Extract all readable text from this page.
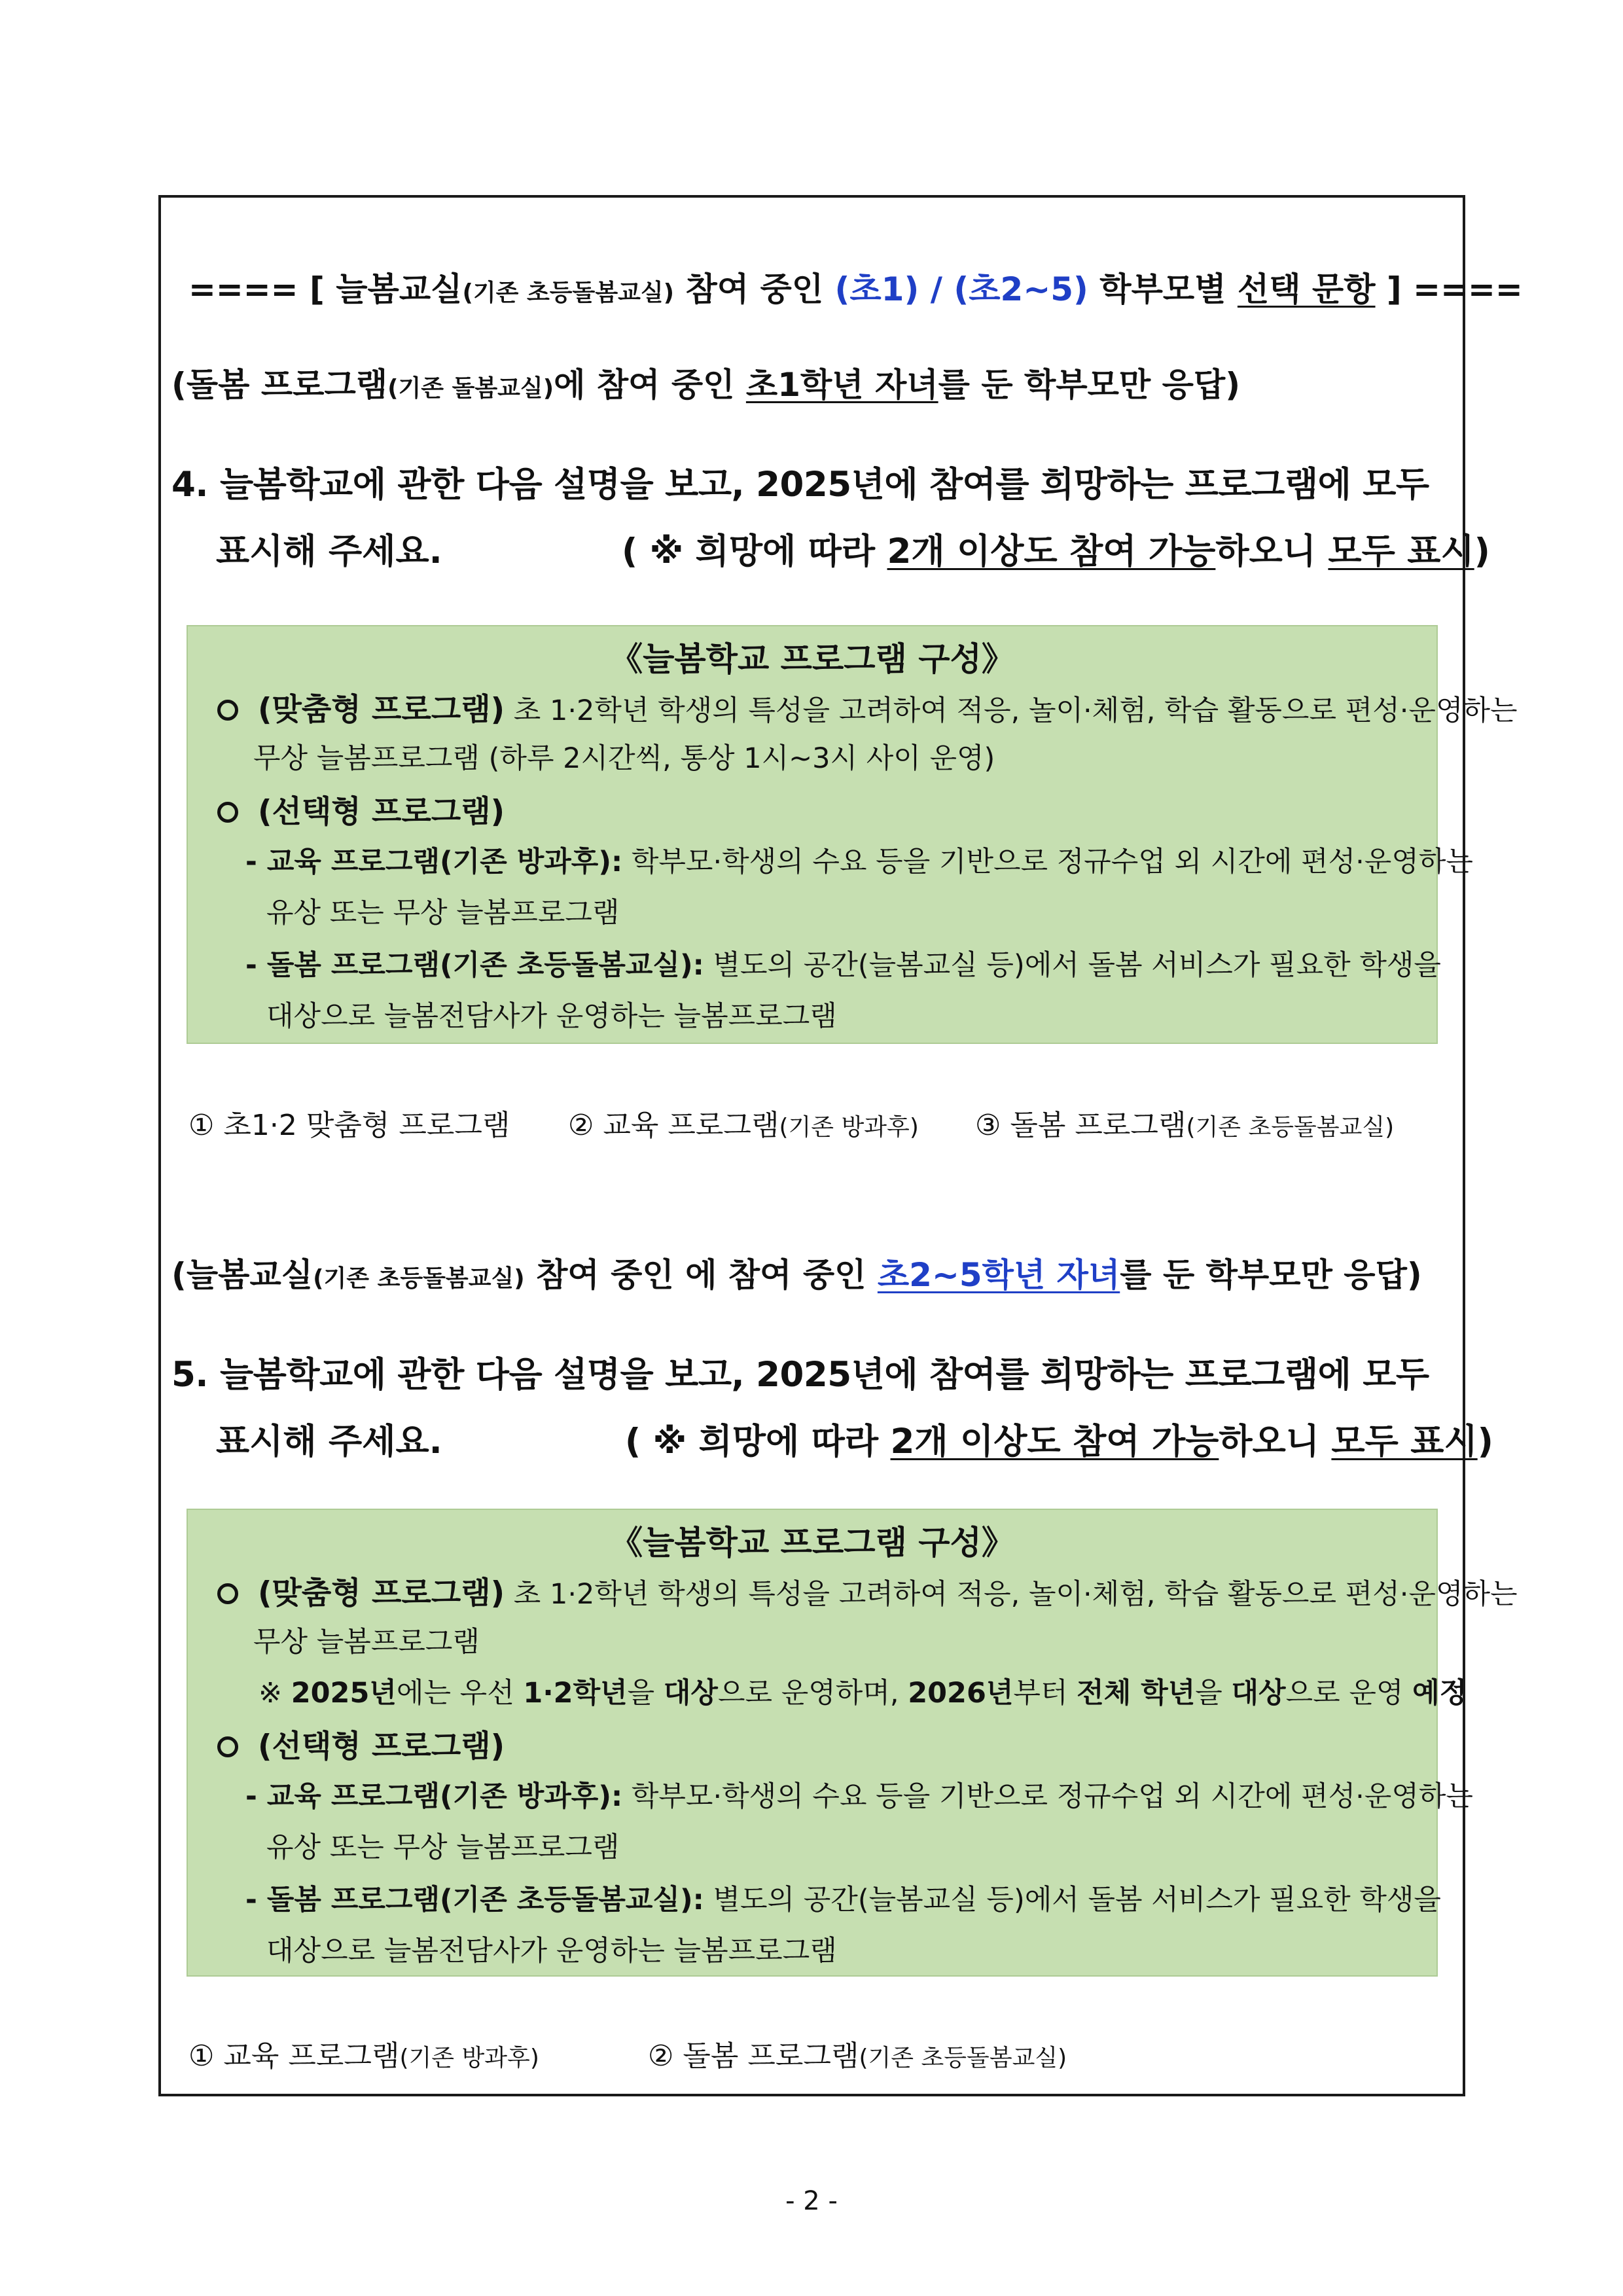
==== [ 늘봄교실(기존 초등돌봄교실) 참여 중인 (초1) / (초2~5) 학부모별 선택 문항 ] ====
(돌봄 프로그램(기존 돌봄교실)에 참여 중인 초1학년 자녀를 둔 학부모만 응답)
4. 늘봄학교에 관한 다음 설명을 보고, 2025년에 참여를 희망하는 프로그램에 모두
표시해 주세요.	( ※ 희망에 따라 2개 이상도 참여 가능하오니 모두 표시)
《늘봄학교 프로그램 구성》
(맞춤형 프로그램) 초 1·2학년 학생의 특성을 고려하여 적응, 놀이·체험, 학습 활동으로 편성·운영하는
무상 늘봄프로그램 (하루 2시간씩, 통상 1시~3시 사이 운영)
(선택형 프로그램)
- 교육 프로그램(기존 방과후): 학부모·학생의 수요 등을 기반으로 정규수업 외 시간에 편성·운영하는
유상 또는 무상 늘봄프로그램
- 돌봄 프로그램(기존 초등돌봄교실): 별도의 공간(늘봄교실 등)에서 돌봄 서비스가 필요한 학생을
대상으로 늘봄전담사가 운영하는 늘봄프로그램
① 초1·2 맞춤형 프로그램 ② 교육 프로그램(기존 방과후) ③ 돌봄 프로그램(기존 초등돌봄교실)
(늘봄교실(기존 초등돌봄교실) 참여 중인 에 참여 중인 초2~5학년 자녀를 둔 학부모만 응답)
5. 늘봄학교에 관한 다음 설명을 보고, 2025년에 참여를 희망하는 프로그램에 모두
표시해 주세요.	( ※ 희망에 따라 2개 이상도 참여 가능하오니 모두 표시)
《늘봄학교 프로그램 구성》
(맞춤형 프로그램) 초 1·2학년 학생의 특성을 고려하여 적응, 놀이·체험, 학습 활동으로 편성·운영하는
무상 늘봄프로그램
※ 2025년에는 우선 1·2학년을 대상으로 운영하며, 2026년부터 전체 학년을 대상으로 운영 예정
(선택형 프로그램)
- 교육 프로그램(기존 방과후): 학부모·학생의 수요 등을 기반으로 정규수업 외 시간에 편성·운영하는
유상 또는 무상 늘봄프로그램
- 돌봄 프로그램(기존 초등돌봄교실): 별도의 공간(늘봄교실 등)에서 돌봄 서비스가 필요한 학생을
대상으로 늘봄전담사가 운영하는 늘봄프로그램
① 교육 프로그램(기존 방과후)	② 돌봄 프로그램(기존 초등돌봄교실)
- 2 -
